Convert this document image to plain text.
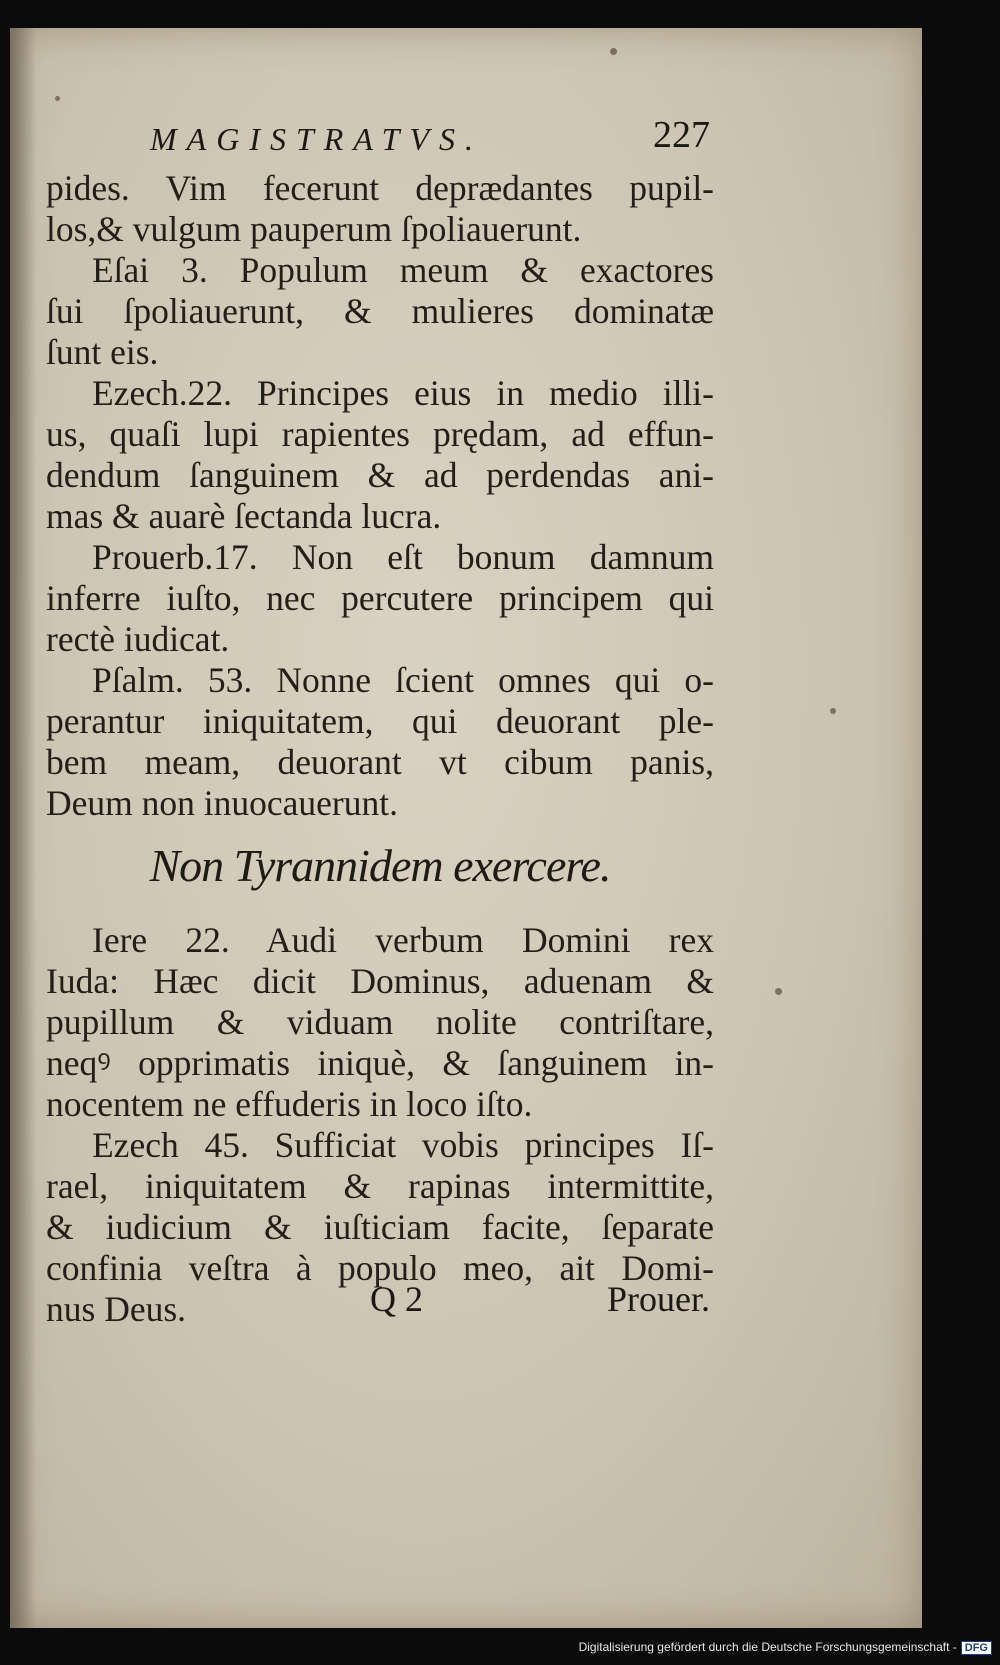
MAGISTRATVS.	227
pides. Vim fecerunt deprædantes pupil-
los,& vulgum pauperum ſpoliauerunt.
Eſai 3. Populum meum & exactores
ſui ſpoliauerunt, & mulieres dominatæ
ſunt eis.
Ezech.22. Principes eius in medio illi-
us, quaſi lupi rapientes prędam, ad effun-
dendum ſanguinem & ad perdendas ani-
mas & auarè ſectanda lucra.
Prouerb.17. Non eſt bonum damnum
inferre iuſto, nec percutere principem qui
rectè iudicat.
Pſalm. 53. Nonne ſcient omnes qui o-
perantur iniquitatem, qui deuorant ple-
bem meam, deuorant vt cibum panis,
Deum non inuocauerunt.
Non Tyrannidem exercere.
Iere 22. Audi verbum Domini rex
Iuda: Hæc dicit Dominus, aduenam &
pupillum & viduam nolite contriſtare,
neqꝰ opprimatis iniquè, & ſanguinem in-
nocentem ne effuderis in loco iſto.
Ezech 45. Sufficiat vobis principes Iſ-
rael, iniquitatem & rapinas intermittite,
& iudicium & iuſticiam facite, ſeparate
confinia veſtra à populo meo, ait Domi-
nus Deus.	Q 2	Prouer.
Digitalisierung gefördert durch die Deutsche Forschungsgemeinschaft - DFG
